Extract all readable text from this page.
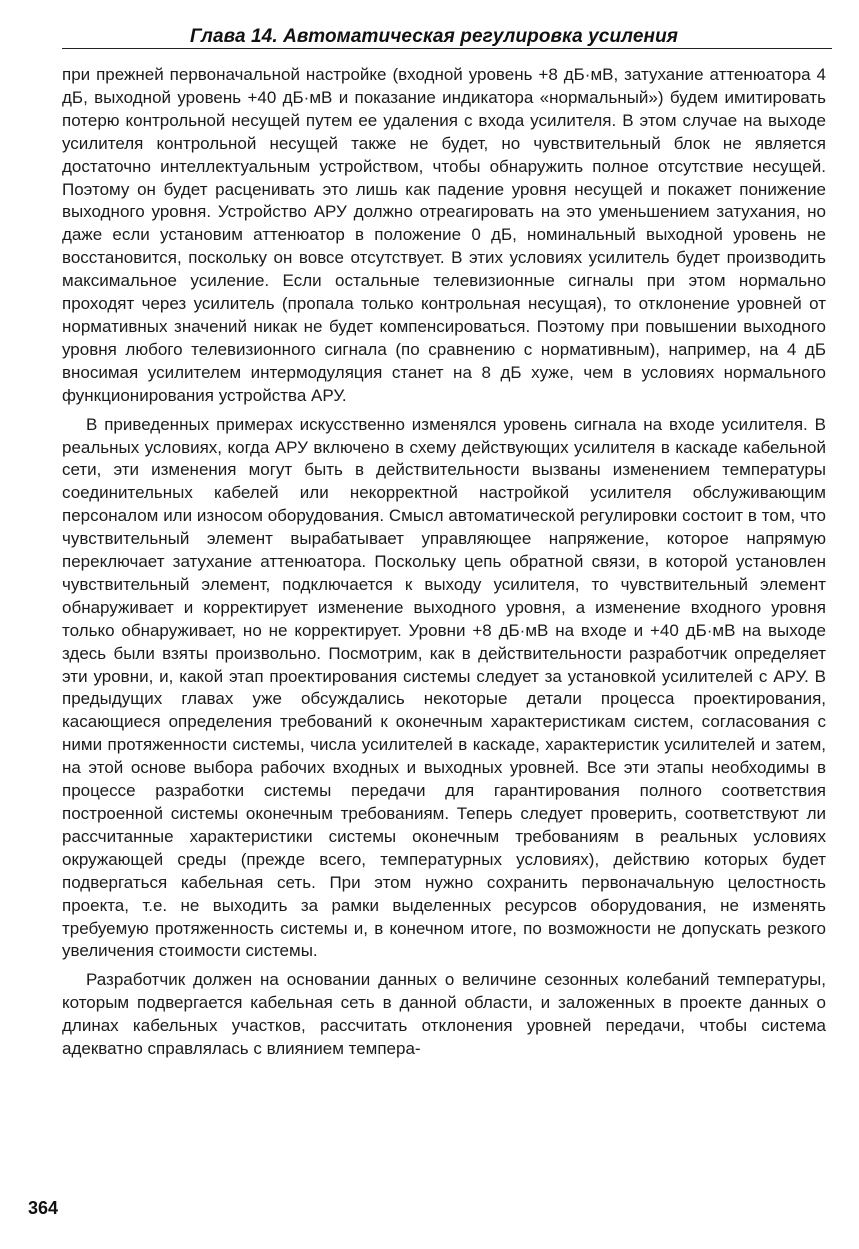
Глава 14. Автоматическая регулировка усиления

при прежней первоначальной настройке (входной уровень +8 дБ·мВ, затухание аттенюатора 4 дБ, выходной уровень +40 дБ·мВ и показание индикатора «нормальный») будем имитировать потерю контрольной несущей путем ее удаления с входа усилителя. В этом случае на выходе усилителя контрольной несущей также не будет, но чувствительный блок не является достаточно интеллектуальным устройством, чтобы обнаружить полное отсутствие несущей. Поэтому он будет расценивать это лишь как падение уровня несущей и покажет понижение выходного уровня. Устройство АРУ должно отреагировать на это уменьшением затухания, но даже если установим аттенюатор в положение 0 дБ, номинальный выходной уровень не восстановится, поскольку он вовсе отсутствует. В этих условиях усилитель будет производить максимальное усиление. Если остальные телевизионные сигналы при этом нормально проходят через усилитель (пропала только контрольная несущая), то отклонение уровней от нормативных значений никак не будет компенсироваться. Поэтому при повышении выходного уровня любого телевизионного сигнала (по сравнению с нормативным), например, на 4 дБ вносимая усилителем интермодуляция станет на 8 дБ хуже, чем в условиях нормального функционирования устройства АРУ.

В приведенных примерах искусственно изменялся уровень сигнала на входе усилителя. В реальных условиях, когда АРУ включено в схему действующих усилителя в каскаде кабельной сети, эти изменения могут быть в действительности вызваны изменением температуры соединительных кабелей или некорректной настройкой усилителя обслуживающим персоналом или износом оборудования. Смысл автоматической регулировки состоит в том, что чувствительный элемент вырабатывает управляющее напряжение, которое напрямую переключает затухание аттенюатора. Поскольку цепь обратной связи, в которой установлен чувствительный элемент, подключается к выходу усилителя, то чувствительный элемент обнаруживает и корректирует изменение выходного уровня, а изменение входного уровня только обнаруживает, но не корректирует. Уровни +8 дБ·мВ на входе и +40 дБ·мВ на выходе здесь были взяты произвольно. Посмотрим, как в действительности разработчик определяет эти уровни, и, какой этап проектирования системы следует за установкой усилителей с АРУ. В предыдущих главах уже обсуждались некоторые детали процесса проектирования, касающиеся определения требований к оконечным характеристикам систем, согласования с ними протяженности системы, числа усилителей в каскаде, характеристик усилителей и затем, на этой основе выбора рабочих входных и выходных уровней. Все эти этапы необходимы в процессе разработки системы передачи для гарантирования полного соответствия построенной системы оконечным требованиям. Теперь следует проверить, соответствуют ли рассчитанные характеристики системы оконечным требованиям в реальных условиях окружающей среды (прежде всего, температурных условиях), действию которых будет подвергаться кабельная сеть. При этом нужно сохранить первоначальную целостность проекта, т.е. не выходить за рамки выделенных ресурсов оборудования, не изменять требуемую протяженность системы и, в конечном итоге, по возможности не допускать резкого увеличения стоимости системы.

Разработчик должен на основании данных о величине сезонных колебаний температуры, которым подвергается кабельная сеть в данной области, и заложенных в проекте данных о длинах кабельных участков, рассчитать отклонения уровней передачи, чтобы система адекватно справлялась с влиянием темпера-

364
